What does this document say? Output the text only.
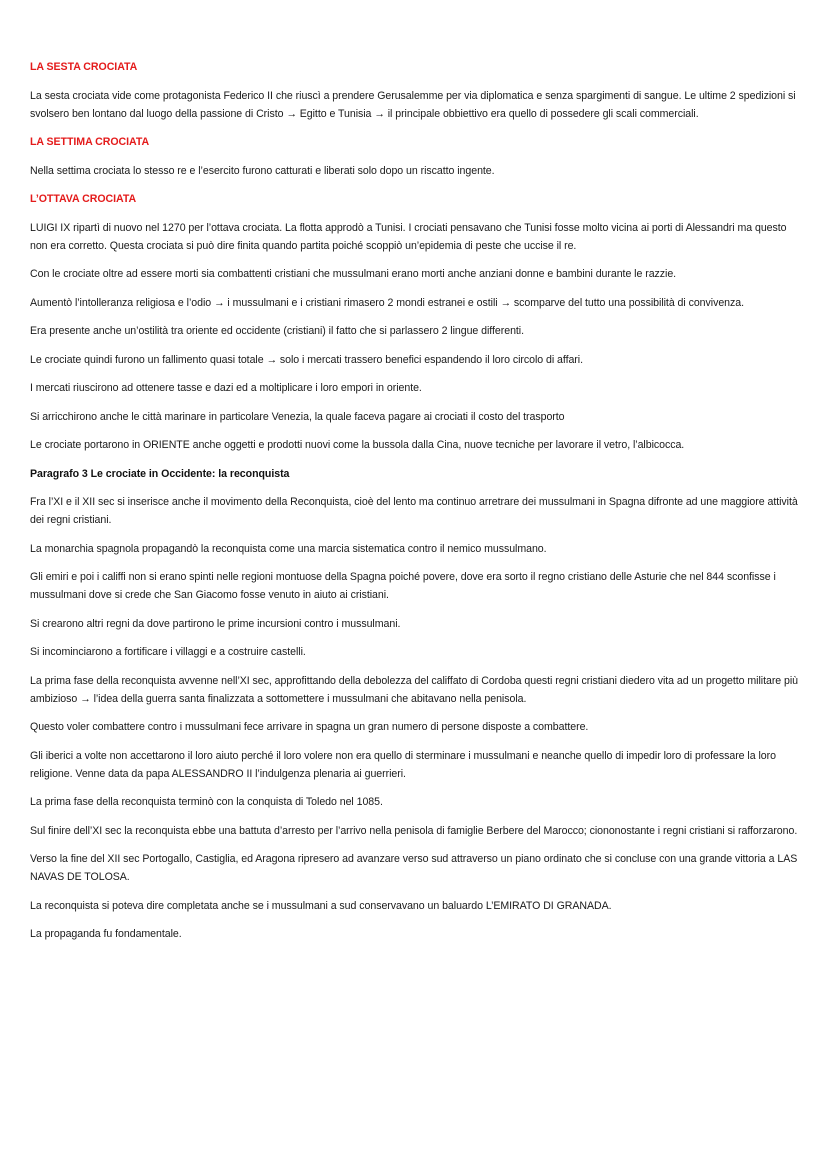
LA SESTA CROCIATA
La sesta crociata vide come protagonista Federico II che riuscì a prendere Gerusalemme per via diplomatica e senza spargimenti di sangue. Le ultime 2 spedizioni si svolsero ben lontano dal luogo della passione di Cristo → Egitto e Tunisia → il principale obbiettivo era quello di possedere gli scali commerciali.
LA SETTIMA CROCIATA
Nella settima crociata lo stesso re e l’esercito furono catturati e liberati solo dopo un riscatto ingente.
L’OTTAVA CROCIATA
LUIGI IX ripartì di nuovo nel 1270 per l’ottava crociata. La flotta approdò a Tunisi. I crociati pensavano che Tunisi fosse molto vicina ai porti di Alessandri ma questo non era corretto. Questa crociata si può dire finita quando partita poiché scoppiò un’epidemia di peste che uccise il re.
Con le crociate oltre ad essere morti sia combattenti cristiani che mussulmani erano morti anche anziani donne e bambini durante le razzie.
Aumentò l’intolleranza religiosa e l’odio → i mussulmani e i cristiani rimasero 2 mondi estranei e ostili → scomparve del tutto una possibilità di convivenza.
Era presente anche un’ostilità tra oriente ed occidente (cristiani) il fatto che si parlassero 2 lingue differenti.
Le crociate quindi furono un fallimento quasi totale → solo i mercati trassero benefici espandendo il loro circolo di affari.
I mercati riuscirono ad ottenere tasse e dazi ed a moltiplicare i loro empori in oriente.
Si arricchirono anche le città marinare in particolare Venezia, la quale faceva pagare ai crociati il costo del trasporto
Le crociate portarono in ORIENTE anche oggetti e prodotti nuovi come la bussola dalla Cina, nuove tecniche per lavorare il vetro, l’albicocca.
Paragrafo 3 Le crociate in Occidente: la reconquista
Fra l’XI e il XII sec si inserisce anche il movimento della Reconquista, cioè del lento ma continuo arretrare dei mussulmani in Spagna difronte ad une maggiore attività dei regni cristiani.
La monarchia spagnola propagandò la reconquista come una marcia sistematica contro il nemico mussulmano.
Gli emiri e poi i califfi non si erano spinti nelle regioni montuose della Spagna poiché povere, dove era sorto il regno cristiano delle Asturie che nel 844 sconfisse i mussulmani dove si crede che San Giacomo fosse venuto in aiuto ai cristiani.
Si crearono altri regni da dove partirono le prime incursioni contro i mussulmani.
Si incominciarono a fortificare i villaggi e a costruire castelli.
La prima fase della reconquista avvenne nell’XI sec, approfittando della debolezza del califfato di Cordoba questi regni cristiani diedero vita ad un progetto militare più ambizioso → l’idea della guerra santa finalizzata a sottomettere i mussulmani che abitavano nella penisola.
Questo voler combattere contro i mussulmani fece arrivare in spagna un gran numero di persone disposte a combattere.
Gli iberici a volte non accettarono il loro aiuto perché il loro volere non era quello di sterminare i mussulmani e neanche quello di impedir loro di professare la loro religione. Venne data da papa ALESSANDRO II l’indulgenza plenaria ai guerrieri.
La prima fase della reconquista terminò con la conquista di Toledo nel 1085.
Sul finire dell’XI sec la reconquista ebbe una battuta d’arresto per l’arrivo nella penisola di famiglie Berbere del Marocco; ciononostante i regni cristiani si rafforzarono.
Verso la fine del XII sec Portogallo, Castiglia, ed Aragona ripresero ad avanzare verso sud attraverso un piano ordinato che si concluse con una grande vittoria a LAS NAVAS DE TOLOSA.
La reconquista si poteva dire completata anche se i mussulmani a sud conservavano un baluardo L’EMIRATO DI GRANADA.
La propaganda fu fondamentale.
